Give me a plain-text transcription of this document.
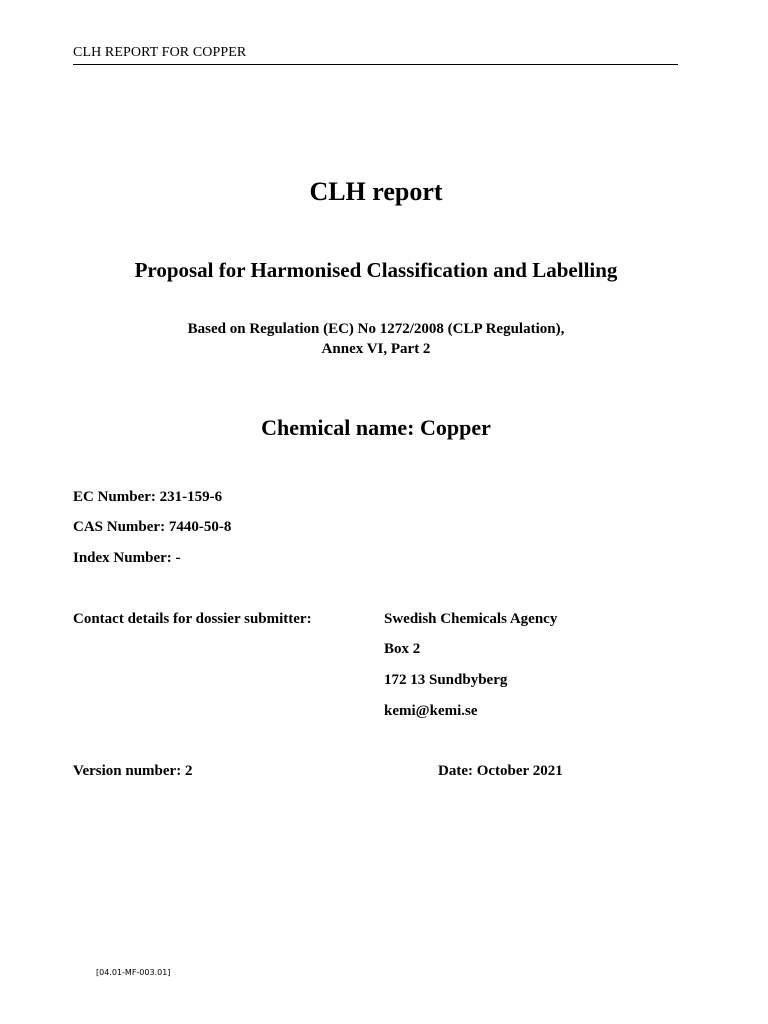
CLH REPORT FOR COPPER
CLH report
Proposal for Harmonised Classification and Labelling
Based on Regulation (EC) No 1272/2008 (CLP Regulation),
Annex VI, Part 2
Chemical name: Copper
EC Number: 231-159-6
CAS Number: 7440-50-8
Index Number: -
Contact details for dossier submitter:	Swedish Chemicals Agency
Box 2
172 13 Sundbyberg
kemi@kemi.se
Version number: 2	Date: October 2021
[04.01-MF-003.01]
